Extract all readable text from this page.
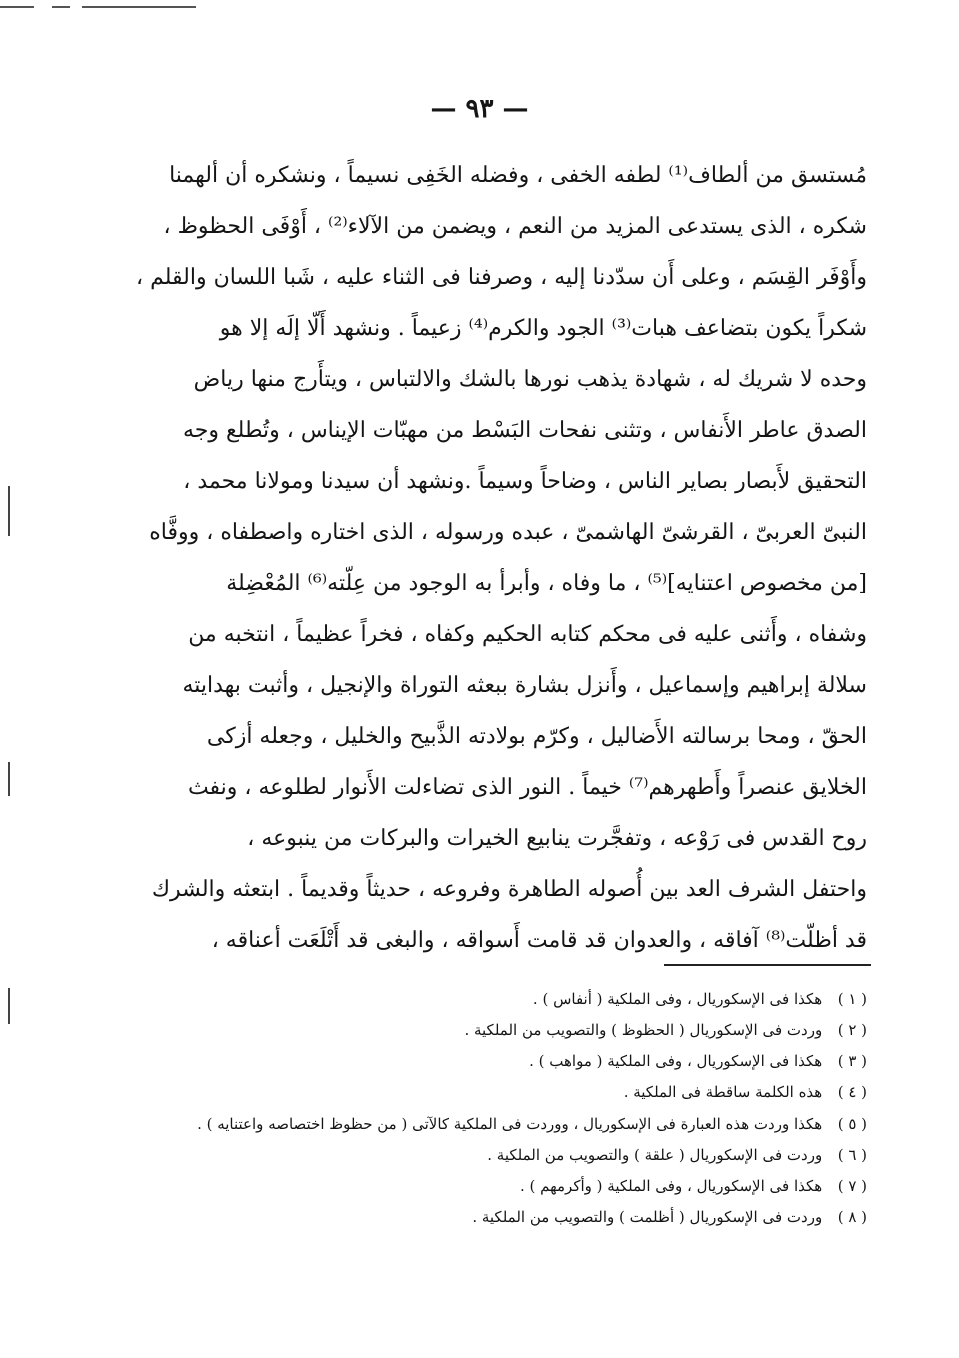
— ٩٣ —
مُستسق من ألطاف⁽¹⁾ لطفه الخفى ، وفضله الخَفِى نسيماً ، ونشكره أن ألهمنا
شكره ، الذى يستدعى المزيد من النعم ، ويضمن من الآلاء⁽²⁾ ، أَوْفَى الحظوظ ،
وأَوْفَر القِسَم ، وعلى أَن سدّدنا إليه ، وصرفنا فى الثناء عليه ، شَبا اللسان والقلم ،
شكراً يكون بتضاعف هبات⁽³⁾ الجود والكرم⁽⁴⁾ زعيماً . ونشهد أَلّا إلَه إلا هو
وحده لا شريك له ، شهادة يذهب نورها بالشك والالتباس ، ويتأَرج منها رياض
الصدق عاطر الأَنفاس ، وتثنى نفحات البَسْط من مهبّات الإيناس ، وتُطلع وجه
التحقيق لأَبصار بصاير الناس ، وضاحاً وسيماً .ونشهد أن سيدنا ومولانا محمد ،
النبىّ العربىّ ، القرشىّ الهاشمىّ ، عبده ورسوله ، الذى اختاره واصطفاه ، ووفَّاه
[من مخصوص اعتنايه]⁽⁵⁾ ، ما وفاه ، وأبرأ به الوجود من عِلّته⁽⁶⁾ المُعْضِلة
وشفاه ، وأَثنى عليه فى محكم كتابه الحكيم وكفاه ، فخراً عظيماً ، انتخبه من
سلالة إبراهيم وإسماعيل ، وأَنزل بشارة ببعثه التوراة والإنجيل ، وأثبت بهدايته
الحقّ ، ومحا برسالته الأَضاليل ، وكرّم بولادته الذَّبيح والخليل ، وجعله أزكى
الخلايق عنصراً وأَطهرهم⁽⁷⁾ خيماً . النور الذى تضاءلت الأَنوار لطلوعه ، ونفث
روح القدس فى رَوْعه ، وتفجَّرت ينابيع الخيرات والبركات من ينبوعه ،
واحتفل الشرف العد بين أُصوله الطاهرة وفروعه ، حديثاً وقديماً . ابتعثه والشرك
قد أظلّت⁽⁸⁾ آفاقه ، والعدوان قد قامت أَسواقه ، والبغى قد أَتْلَعَت أعناقه ،
( ١ ) هكذا فى الإسكوريال ، وفى الملكية ( أنفاس ) .
( ٢ ) وردت فى الإسكوريال ( الحظوظ ) والتصويب من الملكية .
( ٣ ) هكذا فى الإسكوريال ، وفى الملكية ( مواهب ) .
( ٤ ) هذه الكلمة ساقطة فى الملكية .
( ٥ ) هكذا وردت هذه العبارة فى الإسكوريال ، ووردت فى الملكية كالآتى ( من حظوظ اختصاصه واعتنايه ) .
( ٦ ) وردت فى الإسكوريال ( علقة ) والتصويب من الملكية .
( ٧ ) هكذا فى الإسكوريال ، وفى الملكية ( وأكرمهم ) .
( ٨ ) وردت فى الإسكوريال ( أظلمت ) والتصويب من الملكية .
